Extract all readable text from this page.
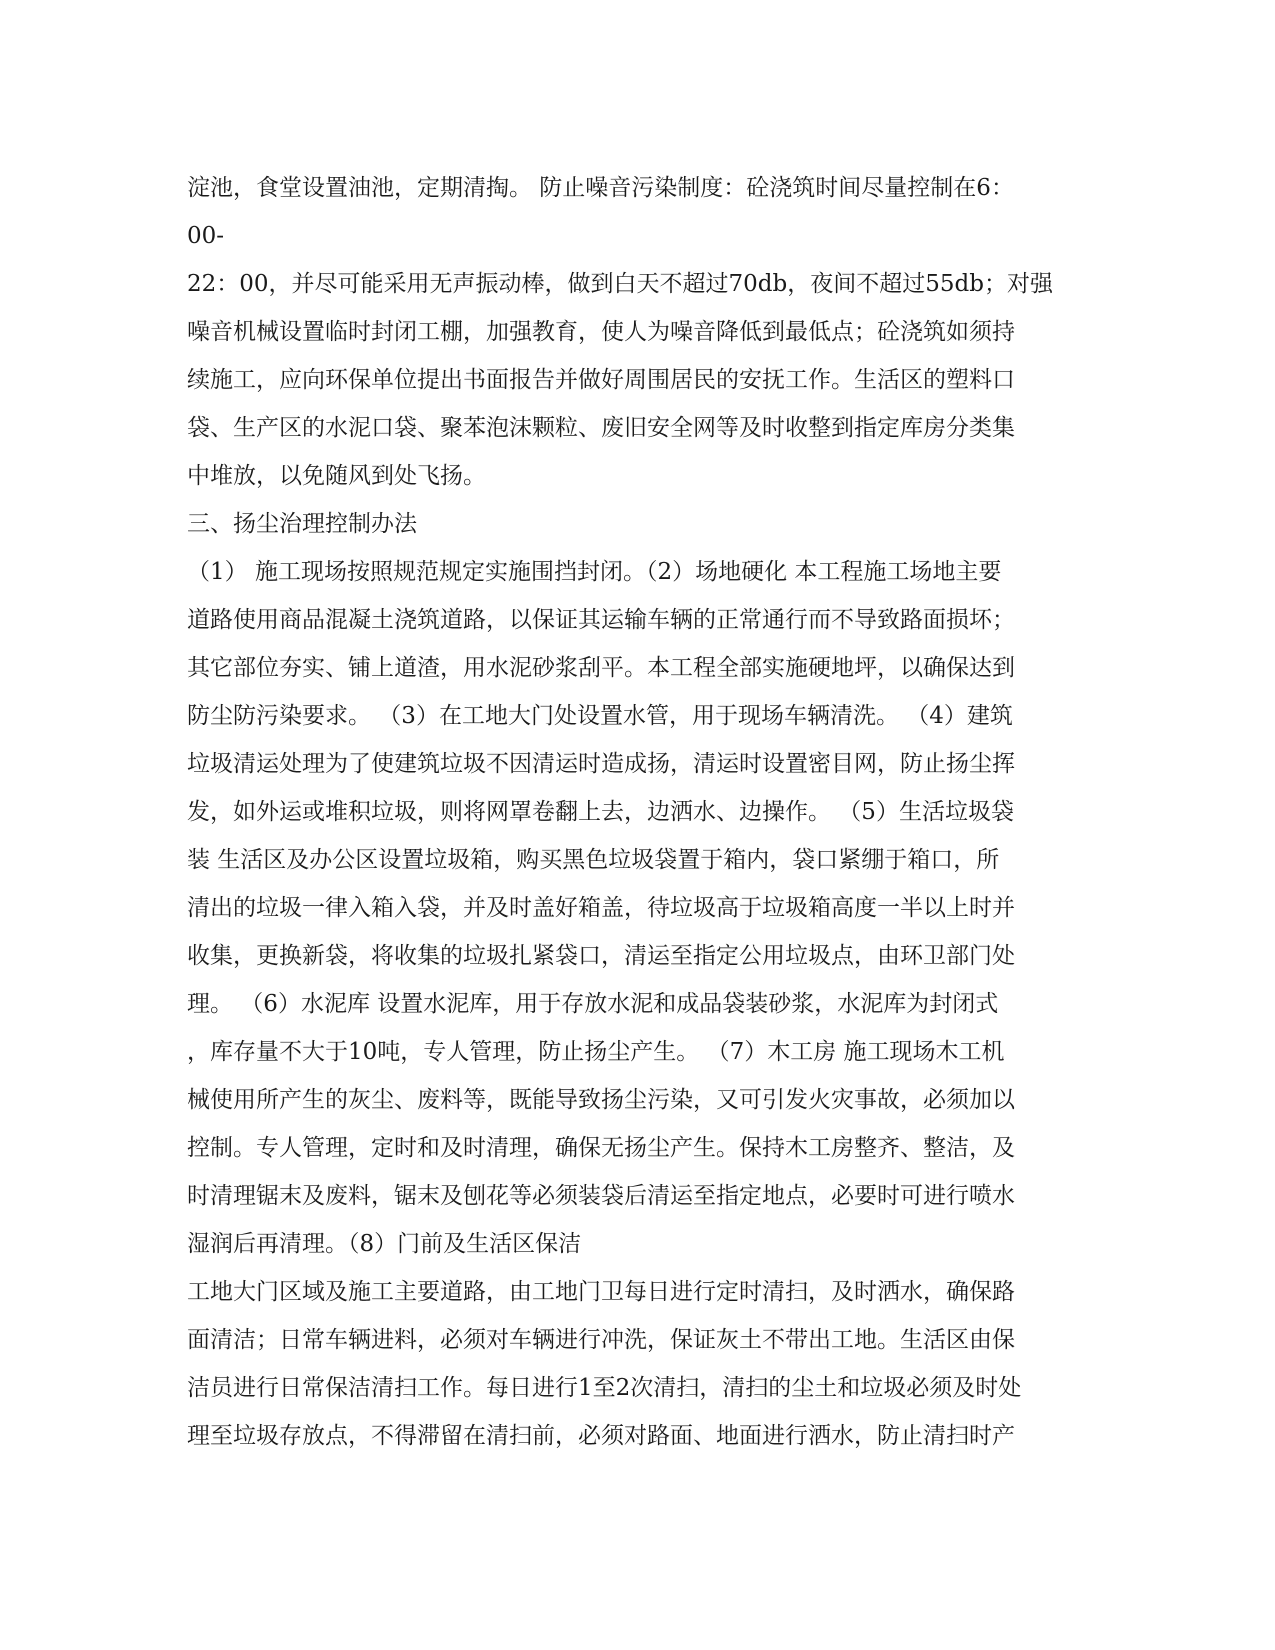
淀池，食堂设置油池，定期清掏。 防止噪音污染制度：砼浇筑时间尽量控制在6：
00-
22：00，并尽可能采用无声振动棒，做到白天不超过70db，夜间不超过55db；对强
噪音机械设置临时封闭工棚，加强教育，使人为噪音降低到最低点；砼浇筑如须持
续施工，应向环保单位提出书面报告并做好周围居民的安抚工作。生活区的塑料口
袋、生产区的水泥口袋、聚苯泡沫颗粒、废旧安全网等及时收整到指定库房分类集
中堆放，以免随风到处飞扬。
三、扬尘治理控制办法
（1） 施工现场按照规范规定实施围挡封闭。（2）场地硬化 本工程施工场地主要
道路使用商品混凝土浇筑道路，以保证其运输车辆的正常通行而不导致路面损坏；
其它部位夯实、铺上道渣，用水泥砂浆刮平。本工程全部实施硬地坪，以确保达到
防尘防污染要求。 （3）在工地大门处设置水管，用于现场车辆清洗。 （4）建筑
垃圾清运处理为了使建筑垃圾不因清运时造成扬，清运时设置密目网，防止扬尘挥
发，如外运或堆积垃圾，则将网罩卷翻上去，边洒水、边操作。 （5）生活垃圾袋
装 生活区及办公区设置垃圾箱，购买黑色垃圾袋置于箱内，袋口紧绷于箱口，所
清出的垃圾一律入箱入袋，并及时盖好箱盖，待垃圾高于垃圾箱高度一半以上时并
收集，更换新袋，将收集的垃圾扎紧袋口，清运至指定公用垃圾点，由环卫部门处
理。 （6）水泥库 设置水泥库，用于存放水泥和成品袋装砂浆，水泥库为封闭式
，库存量不大于10吨，专人管理，防止扬尘产生。 （7）木工房 施工现场木工机
械使用所产生的灰尘、废料等，既能导致扬尘污染，又可引发火灾事故，必须加以
控制。专人管理，定时和及时清理，确保无扬尘产生。保持木工房整齐、整洁，及
时清理锯末及废料，锯末及刨花等必须装袋后清运至指定地点，必要时可进行喷水
湿润后再清理。（8）门前及生活区保洁
工地大门区域及施工主要道路，由工地门卫每日进行定时清扫，及时洒水，确保路
面清洁；日常车辆进料，必须对车辆进行冲洗，保证灰土不带出工地。生活区由保
洁员进行日常保洁清扫工作。每日进行1至2次清扫，清扫的尘土和垃圾必须及时处
理至垃圾存放点，不得滞留在清扫前，必须对路面、地面进行洒水，防止清扫时产
